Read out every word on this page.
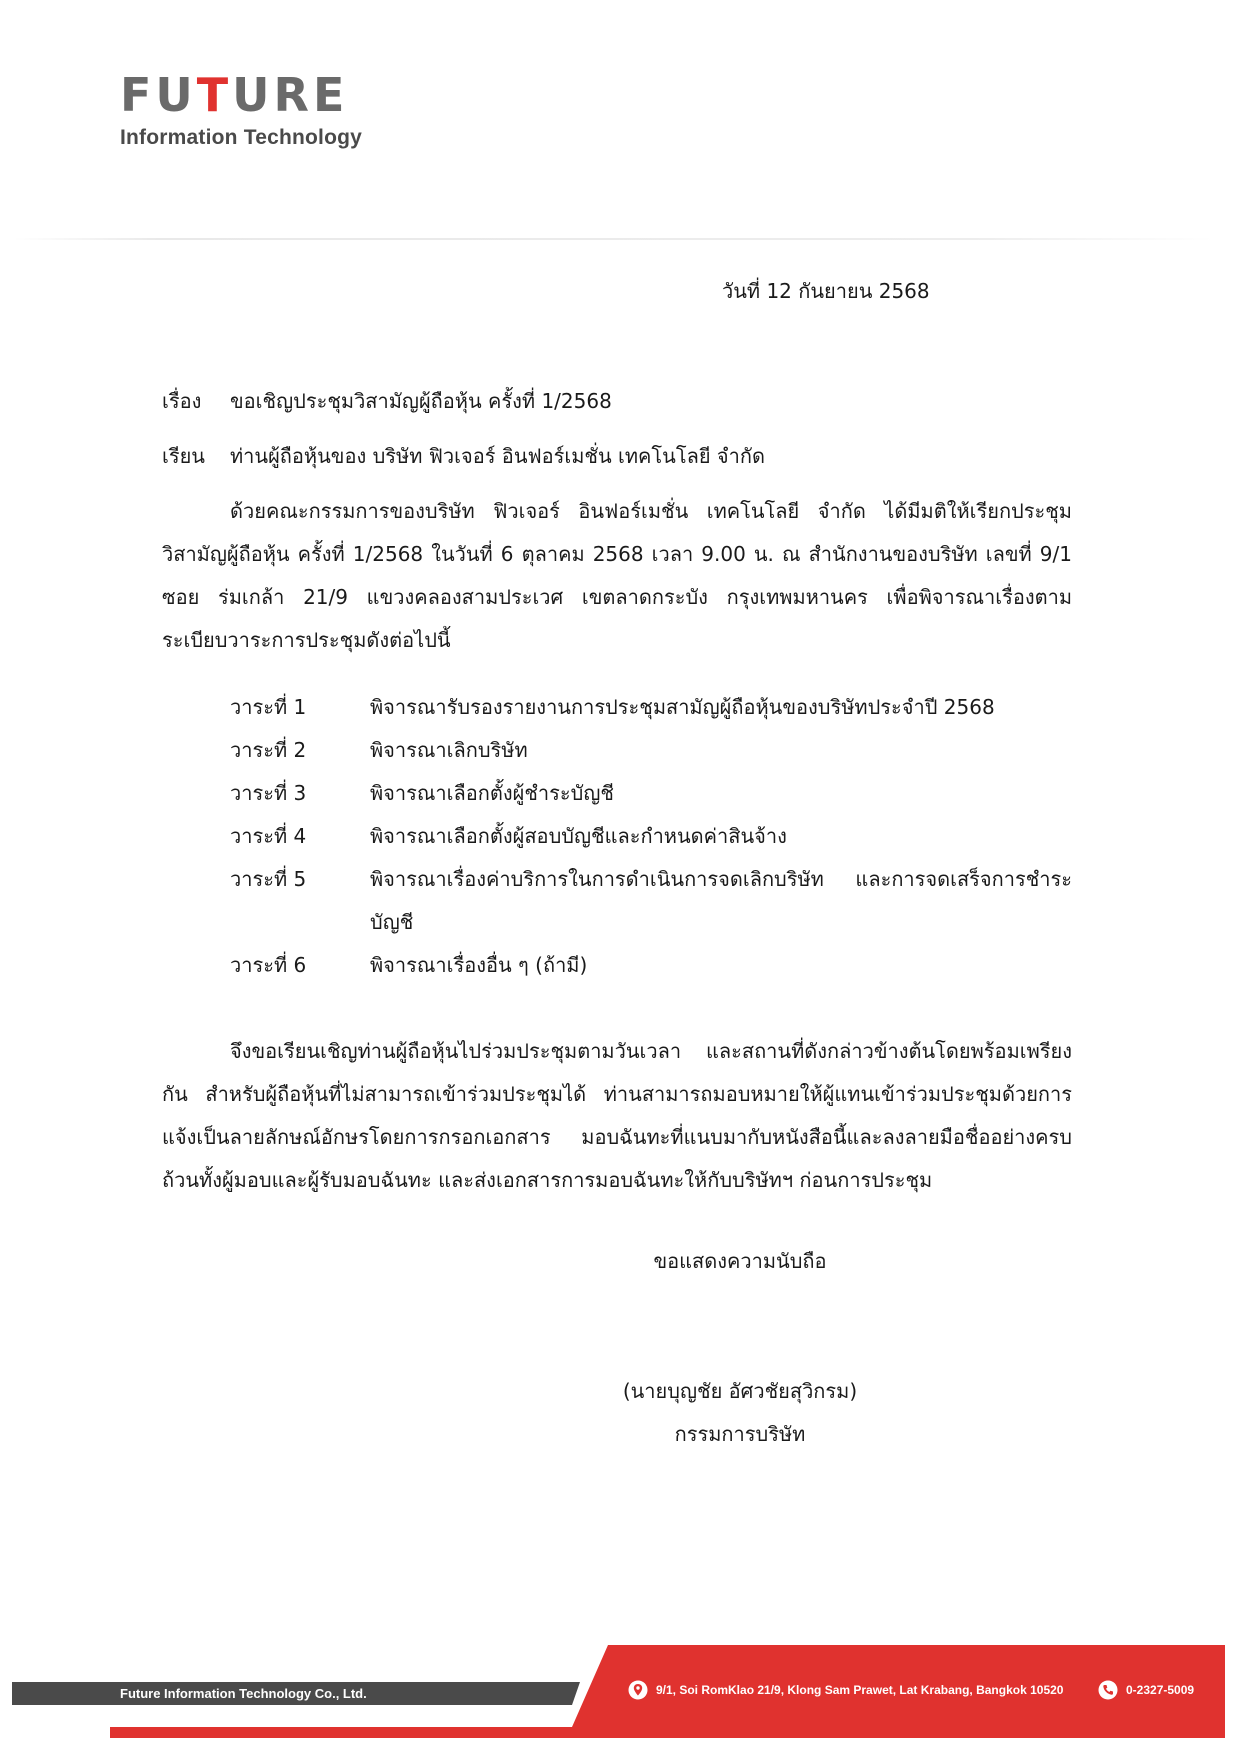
FUTURE
Information Technology
วันที่ 12 กันยายน 2568
เรื่อง ขอเชิญประชุมวิสามัญผู้ถือหุ้น ครั้งที่ 1/2568
เรียน ท่านผู้ถือหุ้นของ บริษัท ฟิวเจอร์ อินฟอร์เมชั่น เทคโนโลยี จำกัด
ด้วยคณะกรรมการของบริษัท ฟิวเจอร์ อินฟอร์เมชั่น เทคโนโลยี จำกัด ได้มีมติให้เรียกประชุมวิสามัญผู้ถือหุ้น ครั้งที่ 1/2568 ในวันที่ 6 ตุลาคม 2568 เวลา 9.00 น. ณ สำนักงานของบริษัท เลขที่ 9/1 ซอย ร่มเกล้า 21/9 แขวงคลองสามประเวศ เขตลาดกระบัง กรุงเทพมหานคร เพื่อพิจารณาเรื่องตามระเบียบวาระการประชุมดังต่อไปนี้
วาระที่ 1	พิจารณารับรองรายงานการประชุมสามัญผู้ถือหุ้นของบริษัทประจำปี 2568
วาระที่ 2	พิจารณาเลิกบริษัท
วาระที่ 3	พิจารณาเลือกตั้งผู้ชำระบัญชี
วาระที่ 4	พิจารณาเลือกตั้งผู้สอบบัญชีและกำหนดค่าสินจ้าง
วาระที่ 5	พิจารณาเรื่องค่าบริการในการดำเนินการจดเลิกบริษัท และการจดเสร็จการชำระบัญชี
วาระที่ 6	พิจารณาเรื่องอื่น ๆ (ถ้ามี)
จึงขอเรียนเชิญท่านผู้ถือหุ้นไปร่วมประชุมตามวันเวลา และสถานที่ดังกล่าวข้างต้นโดยพร้อมเพรียงกัน สำหรับผู้ถือหุ้นที่ไม่สามารถเข้าร่วมประชุมได้ ท่านสามารถมอบหมายให้ผู้แทนเข้าร่วมประชุมด้วยการแจ้งเป็นลายลักษณ์อักษรโดยการกรอกเอกสาร มอบฉันทะที่แนบมากับหนังสือนี้และลงลายมือชื่ออย่างครบถ้วนทั้งผู้มอบและผู้รับมอบฉันทะ และส่งเอกสารการมอบฉันทะให้กับบริษัทฯ ก่อนการประชุม
ขอแสดงความนับถือ
(นายบุญชัย อัศวชัยสุวิกรม)
กรรมการบริษัท
Future Information Technology Co., Ltd.	9/1, Soi RomKlao 21/9, Klong Sam Prawet, Lat Krabang, Bangkok 10520	0-2327-5009
